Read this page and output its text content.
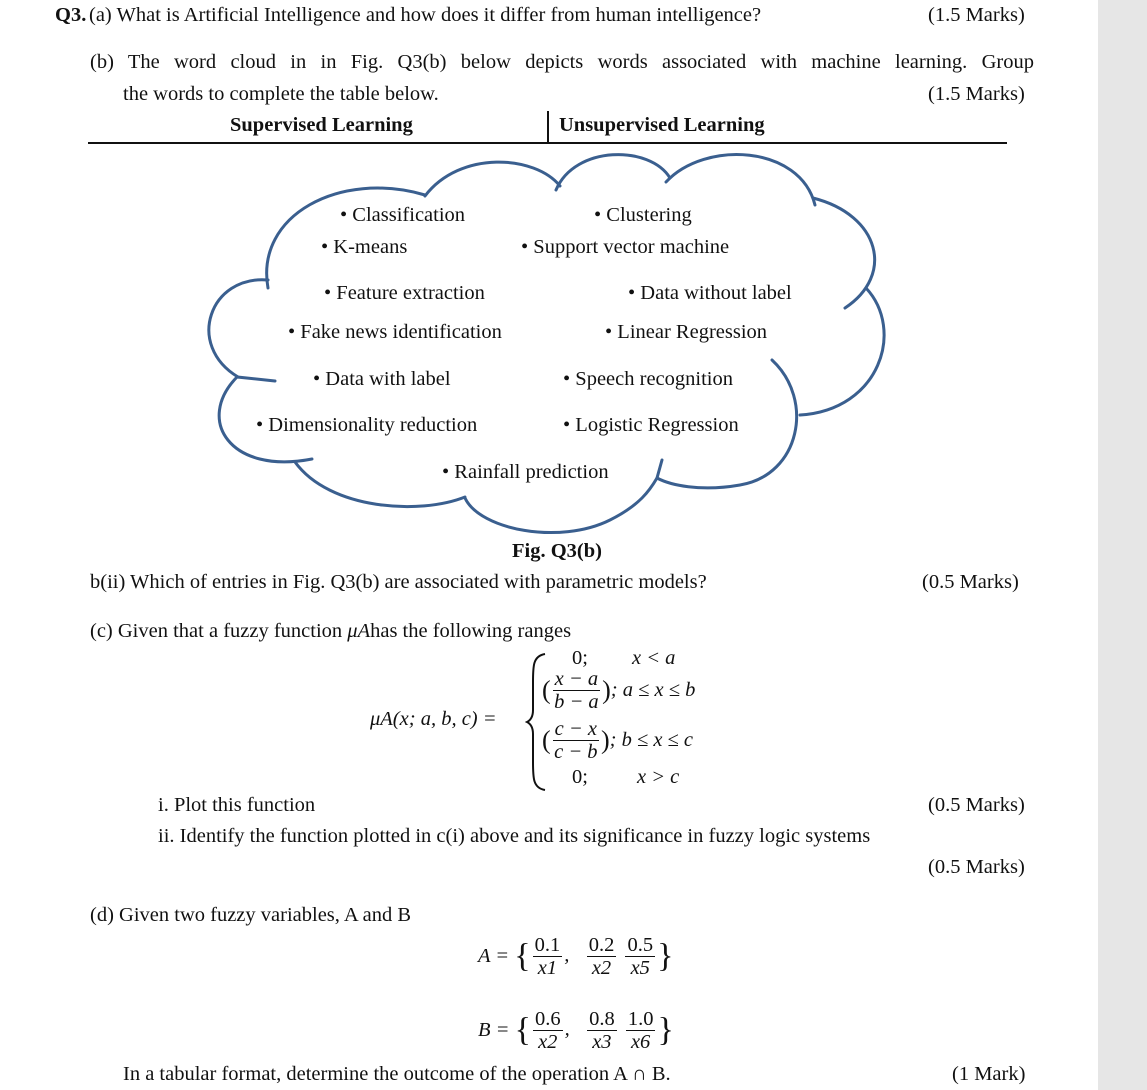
Q3. (a) What is Artificial Intelligence and how does it differ from human intelligence?	(1.5 Marks)
(b) The word cloud in in Fig. Q3(b) below depicts words associated with machine learning. Group
the words to complete the table below.	(1.5 Marks)
Supervised Learning	Unsupervised Learning
• Classification	• Clustering
• K-means	• Support vector machine
• Feature extraction	• Data without label
• Fake news identification	• Linear Regression
• Data with label	• Speech recognition
• Dimensionality reduction	• Logistic Regression
• Rainfall prediction
Fig. Q3(b)
b(ii) Which of entries in Fig. Q3(b) are associated with parametric models?	(0.5 Marks)
(c) Given that a fuzzy function μAhas the following ranges
μA(x; a, b, c) =
0; x < a
( $\frac{x - a}{b - a}$ ); a ≤ x ≤ b
( $\frac{c - x}{c - b}$ ); b ≤ x ≤ c
0; x > c
i. Plot this function	(0.5 Marks)
ii. Identify the function plotted in c(i) above and its significance in fuzzy logic systems
(0.5 Marks)
(d) Given two fuzzy variables, A and B
A = { $\frac{0.1}{x1}$ , $\frac{0.2}{x2}$
$\frac{0.5}{x5}$ }
B = { $\frac{0.6}{x2}$ , $\frac{0.8}{x3}$
$\frac{1.0}{x6}$ }
In a tabular format, determine the outcome of the operation A ∩ B.	(1 Mark)
